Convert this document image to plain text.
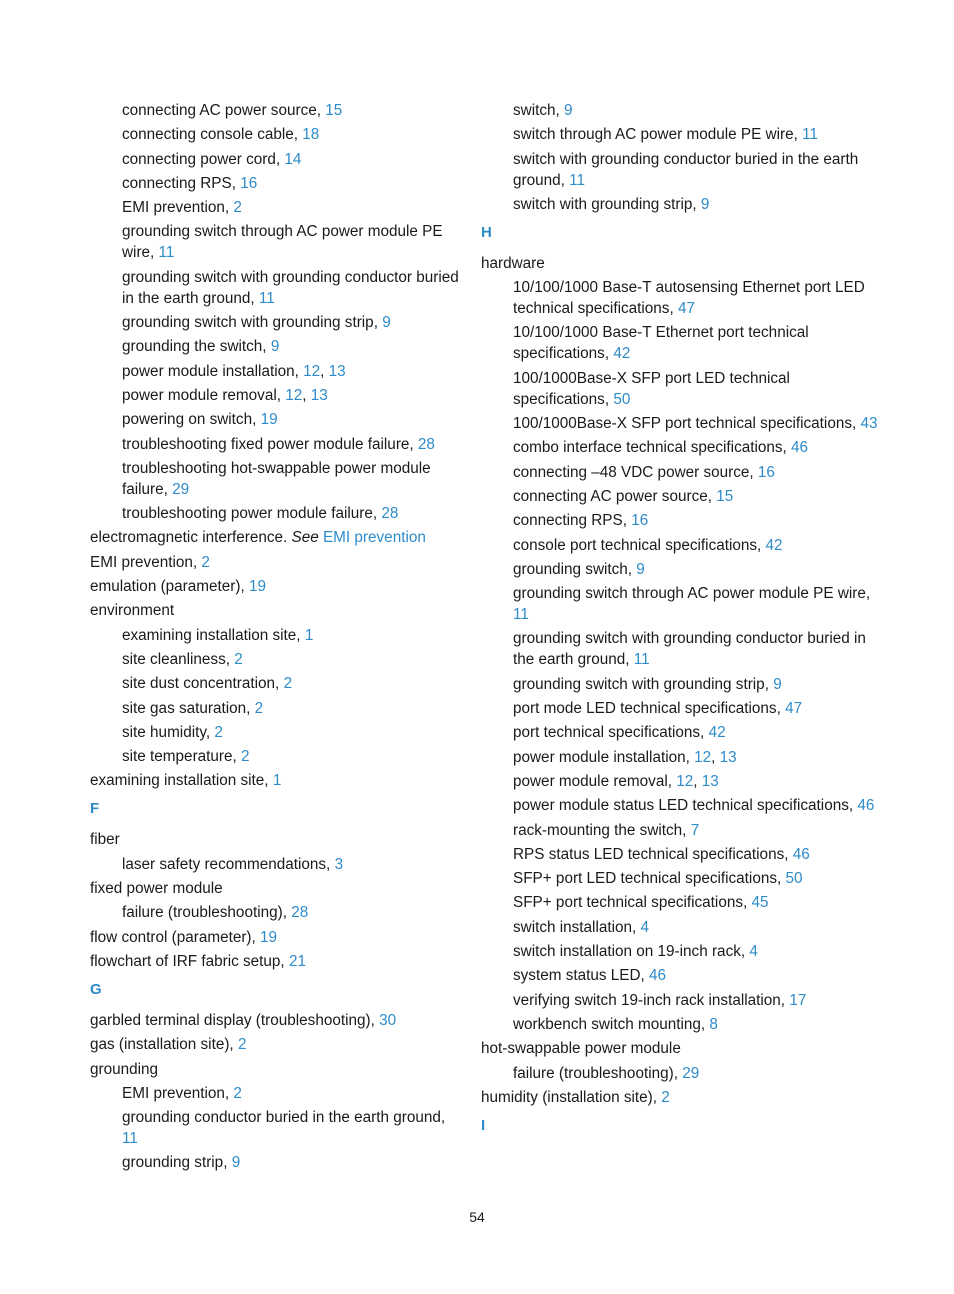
connecting AC power source, 15
connecting console cable, 18
connecting power cord, 14
connecting RPS, 16
EMI prevention, 2
grounding switch through AC power module PE wire, 11
grounding switch with grounding conductor buried in the earth ground, 11
grounding switch with grounding strip, 9
grounding the switch, 9
power module installation, 12, 13
power module removal, 12, 13
powering on switch, 19
troubleshooting fixed power module failure, 28
troubleshooting hot-swappable power module failure, 29
troubleshooting power module failure, 28
electromagnetic interference. See EMI prevention
EMI prevention, 2
emulation (parameter), 19
environment
examining installation site, 1
site cleanliness, 2
site dust concentration, 2
site gas saturation, 2
site humidity, 2
site temperature, 2
examining installation site, 1
F
fiber
laser safety recommendations, 3
fixed power module
failure (troubleshooting), 28
flow control (parameter), 19
flowchart of IRF fabric setup, 21
G
garbled terminal display (troubleshooting), 30
gas (installation site), 2
grounding
EMI prevention, 2
grounding conductor buried in the earth ground, 11
grounding strip, 9
switch, 9
switch through AC power module PE wire, 11
switch with grounding conductor buried in the earth ground, 11
switch with grounding strip, 9
H
hardware
10/100/1000 Base-T autosensing Ethernet port LED technical specifications, 47
10/100/1000 Base-T Ethernet port technical specifications, 42
100/1000Base-X SFP port LED technical specifications, 50
100/1000Base-X SFP port technical specifications, 43
combo interface technical specifications, 46
connecting –48 VDC power source, 16
connecting AC power source, 15
connecting RPS, 16
console port technical specifications, 42
grounding switch, 9
grounding switch through AC power module PE wire, 11
grounding switch with grounding conductor buried in the earth ground, 11
grounding switch with grounding strip, 9
port mode LED technical specifications, 47
port technical specifications, 42
power module installation, 12, 13
power module removal, 12, 13
power module status LED technical specifications, 46
rack-mounting the switch, 7
RPS status LED technical specifications, 46
SFP+ port LED technical specifications, 50
SFP+ port technical specifications, 45
switch installation, 4
switch installation on 19-inch rack, 4
system status LED, 46
verifying switch 19-inch rack installation, 17
workbench switch mounting, 8
hot-swappable power module
failure (troubleshooting), 29
humidity (installation site), 2
I
54
